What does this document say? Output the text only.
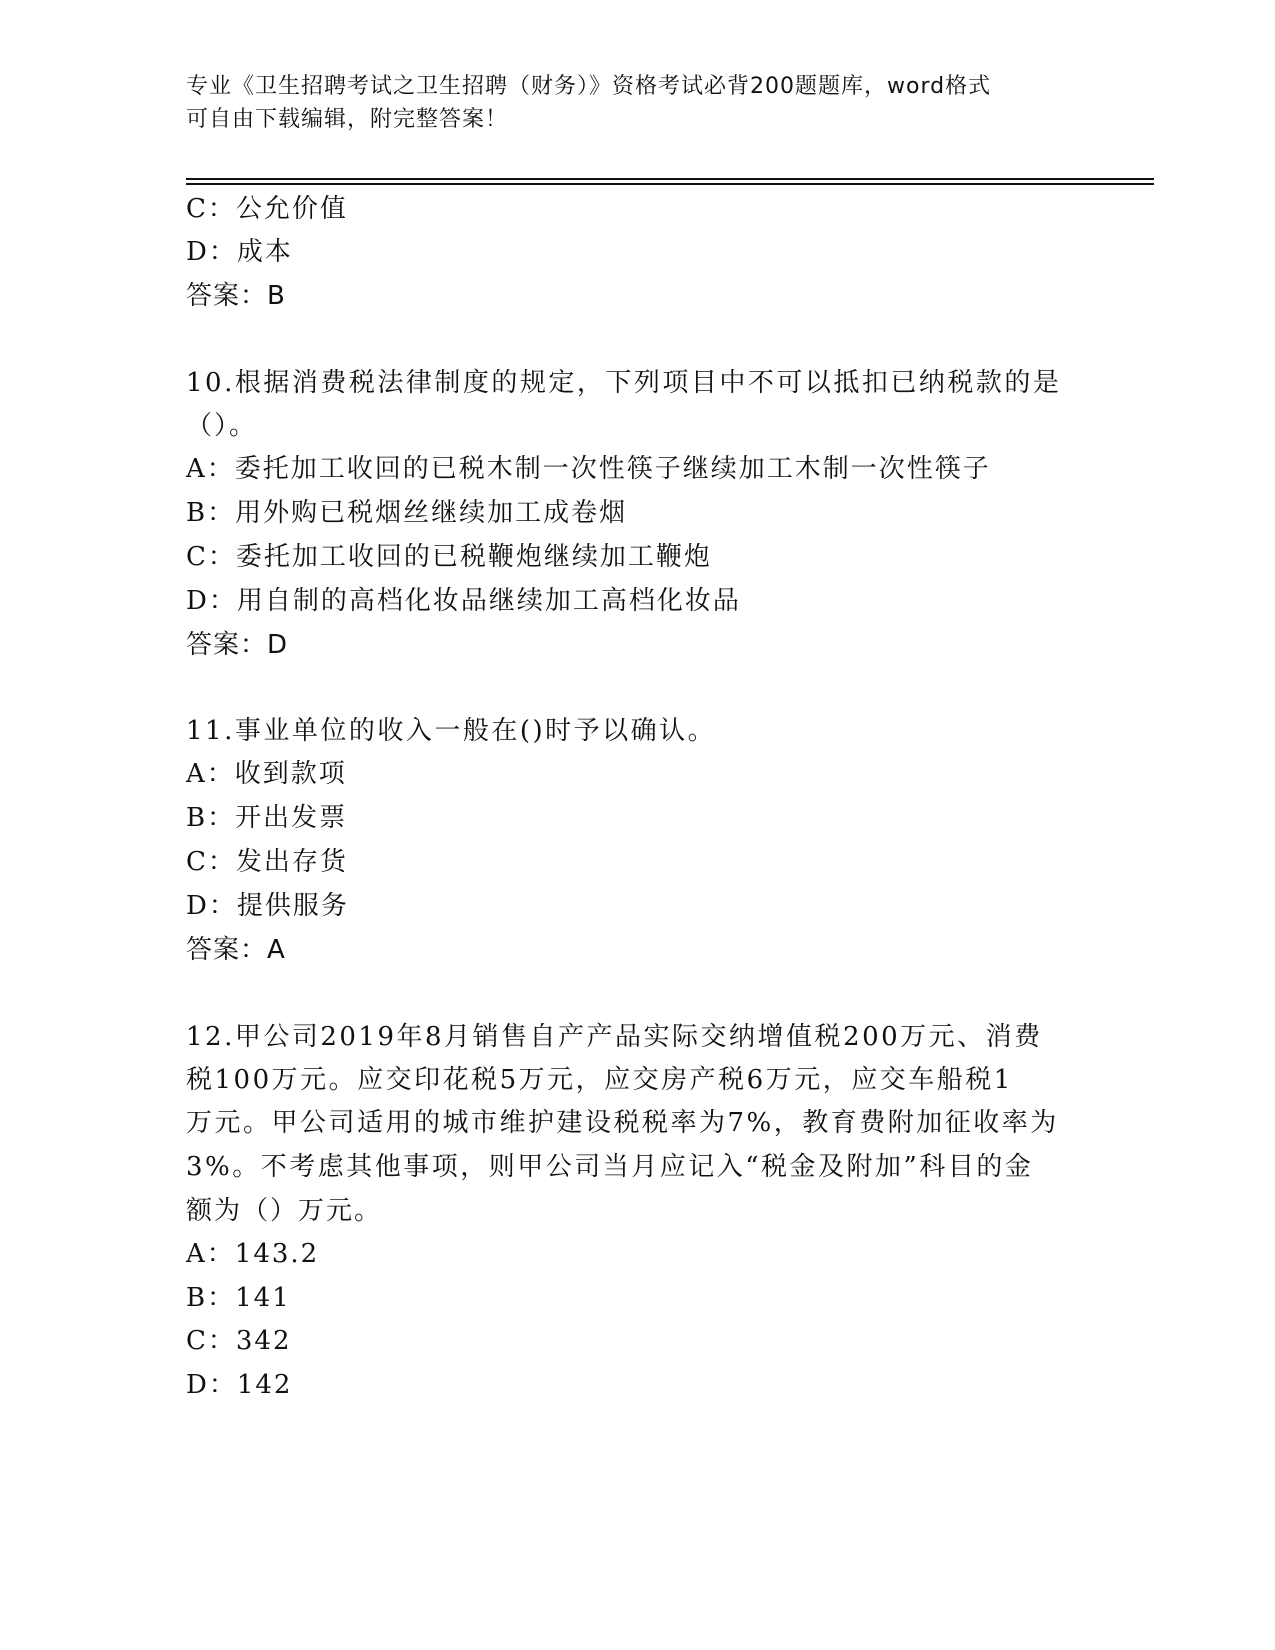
专业《卫生招聘考试之卫生招聘（财务）》资格考试必背200题题库，word格式
可自由下载编辑，附完整答案！
C：公允价值
D：成本
答案：B
10.根据消费税法律制度的规定，下列项目中不可以抵扣已纳税款的是
（）。
A：委托加工收回的已税木制一次性筷子继续加工木制一次性筷子
B：用外购已税烟丝继续加工成卷烟
C：委托加工收回的已税鞭炮继续加工鞭炮
D：用自制的高档化妆品继续加工高档化妆品
答案：D
11.事业单位的收入一般在()时予以确认。
A：收到款项
B：开出发票
C：发出存货
D：提供服务
答案：A
12.甲公司2019年8月销售自产产品实际交纳增值税200万元、消费
税100万元。应交印花税5万元，应交房产税6万元，应交车船税1
万元。甲公司适用的城市维护建设税税率为7%，教育费附加征收率为
3%。不考虑其他事项，则甲公司当月应记入“税金及附加”科目的金
额为（）万元。
A：143.2
B：141
C：342
D：142
